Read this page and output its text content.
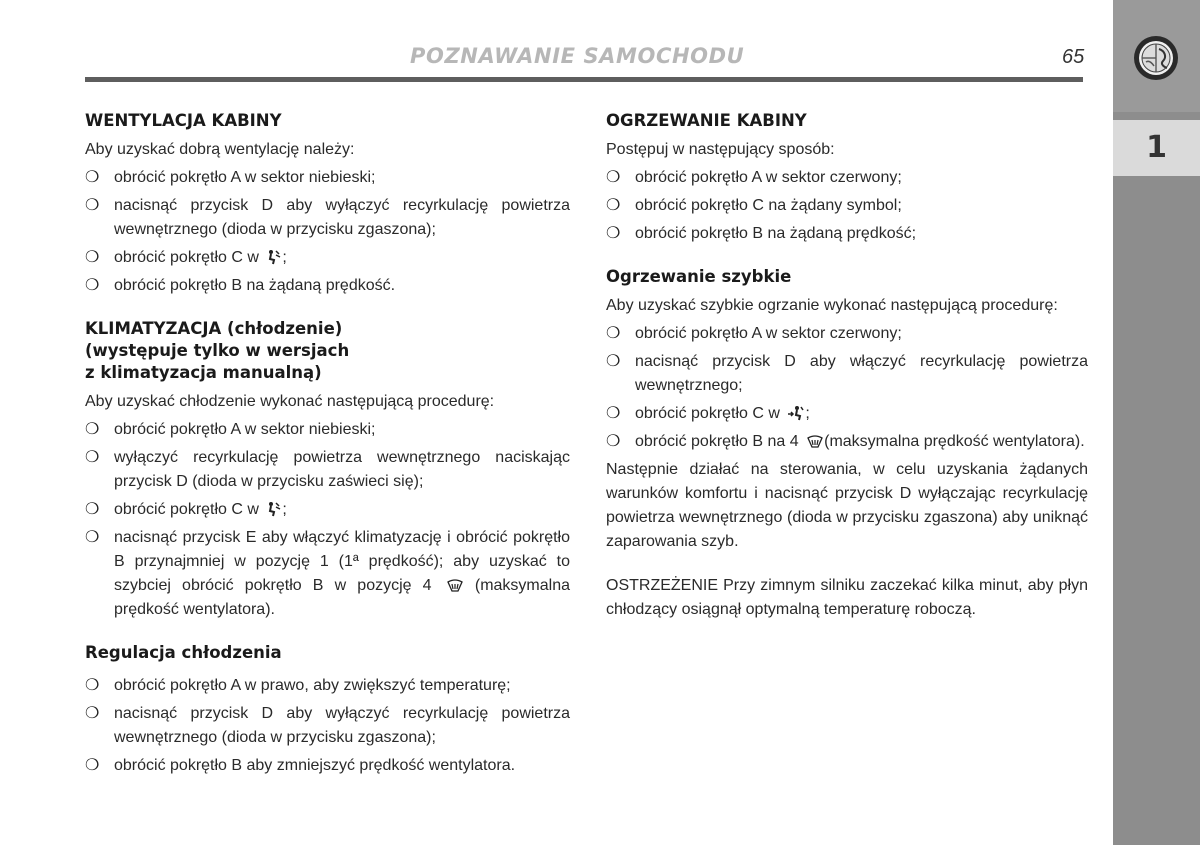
POZNAWANIE SAMOCHODU	65
1
WENTYLACJA KABINY

Aby uzyskać dobrą wentylację należy:

❍ obrócić pokrętło A w sektor niebieski;
❍ nacisnąć przycisk D aby wyłączyć recyrkulację powietrza wewnętrznego (dioda w przycisku zgaszona);
❍ obrócić pokrętło C w ;
❍ obrócić pokrętło B na żądaną prędkość.
KLIMATYZACJA (chłodzenie)
(występuje tylko w wersjach
z klimatyzacja manualną)

Aby uzyskać chłodzenie wykonać następującą procedurę:

❍ obrócić pokrętło A w sektor niebieski;
❍ wyłączyć recyrkulację powietrza wewnętrznego naciskając przycisk D (dioda w przycisku zaświeci się);
❍ obrócić pokrętło C w ;
❍ nacisnąć przycisk E aby włączyć klimatyzację i obrócić pokrętło B przynajmniej w pozycję 1 (1ª prędkość); aby uzyskać to szybciej obrócić pokrętło B w pozycję 4	(maksymalna prędkość wentylatora).
Regulacja chłodzenia
❍ obrócić pokrętło A w prawo, aby zwiększyć temperaturę;
❍ nacisnąć przycisk D aby wyłączyć recyrkulację powietrza wewnętrznego (dioda w przycisku zgaszona);
❍ obrócić pokrętło B aby zmniejszyć prędkość wentylatora.
OGRZEWANIE KABINY

Postępuj w następujący sposób:

❍ obrócić pokrętło A w sektor czerwony;
❍ obrócić pokrętło C na żądany symbol;
❍ obrócić pokrętło B na żądaną prędkość;
Ogrzewanie szybkie

Aby uzyskać szybkie ogrzanie wykonać następującą procedurę:

❍ obrócić pokrętło A w sektor czerwony;
❍ nacisnąć przycisk D aby włączyć recyrkulację powietrza wewnętrznego;
❍ obrócić pokrętło C w ;
❍ obrócić pokrętło B na 4 (maksymalna prędkość wentylatora).

Następnie działać na sterowania, w celu uzyskania żądanych warunków komfortu i nacisnąć przycisk D wyłączając recyrkulację powietrza wewnętrznego (dioda w przycisku zgaszona) aby uniknąć zaparowania szyb.

OSTRZEŻENIE Przy zimnym silniku zaczekać kilka minut, aby płyn chłodzący osiągnął optymalną temperaturę roboczą.
